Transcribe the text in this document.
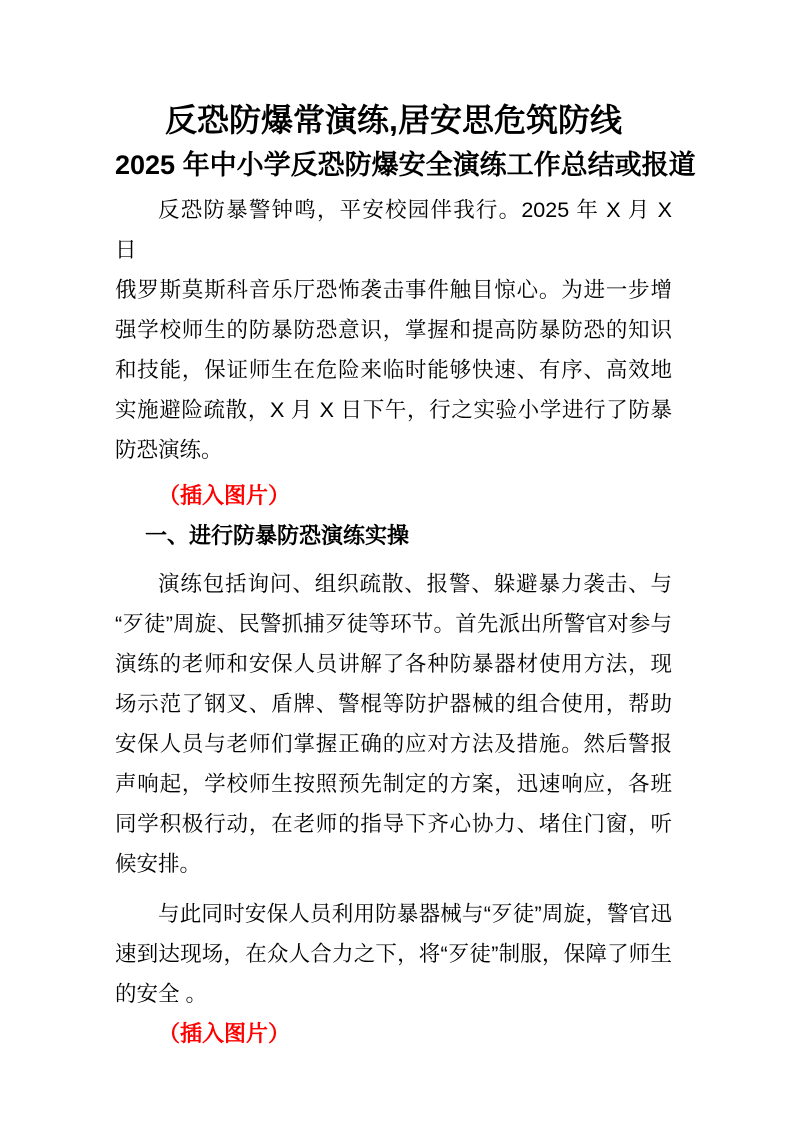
反恐防爆常演练,居安思危筑防线
2025 年中小学反恐防爆安全演练工作总结或报道
反恐防暴警钟鸣，平安校园伴我行。2025 年 X 月 X 日
俄罗斯莫斯科音乐厅恐怖袭击事件触目惊心。为进一步增
强学校师生的防暴防恐意识，掌握和提高防暴防恐的知识
和技能，保证师生在危险来临时能够快速、有序、高效地
实施避险疏散，X 月 X 日下午，行之实验小学进行了防暴
防恐演练。
（插入图片）
一、进行防暴防恐演练实操
演练包括询问、组织疏散、报警、躲避暴力袭击、与
“歹徒”周旋、民警抓捕歹徒等环节。首先派出所警官对参与
演练的老师和安保人员讲解了各种防暴器材使用方法，现
场示范了钢叉、盾牌、警棍等防护器械的组合使用，帮助
安保人员与老师们掌握正确的应对方法及措施。然后警报
声响起，学校师生按照预先制定的方案，迅速响应，各班
同学积极行动，在老师的指导下齐心协力、堵住门窗，听
候安排。
与此同时安保人员利用防暴器械与“歹徒”周旋，警官迅
速到达现场，在众人合力之下，将“歹徒”制服，保障了师生
的安全 。
（插入图片）
